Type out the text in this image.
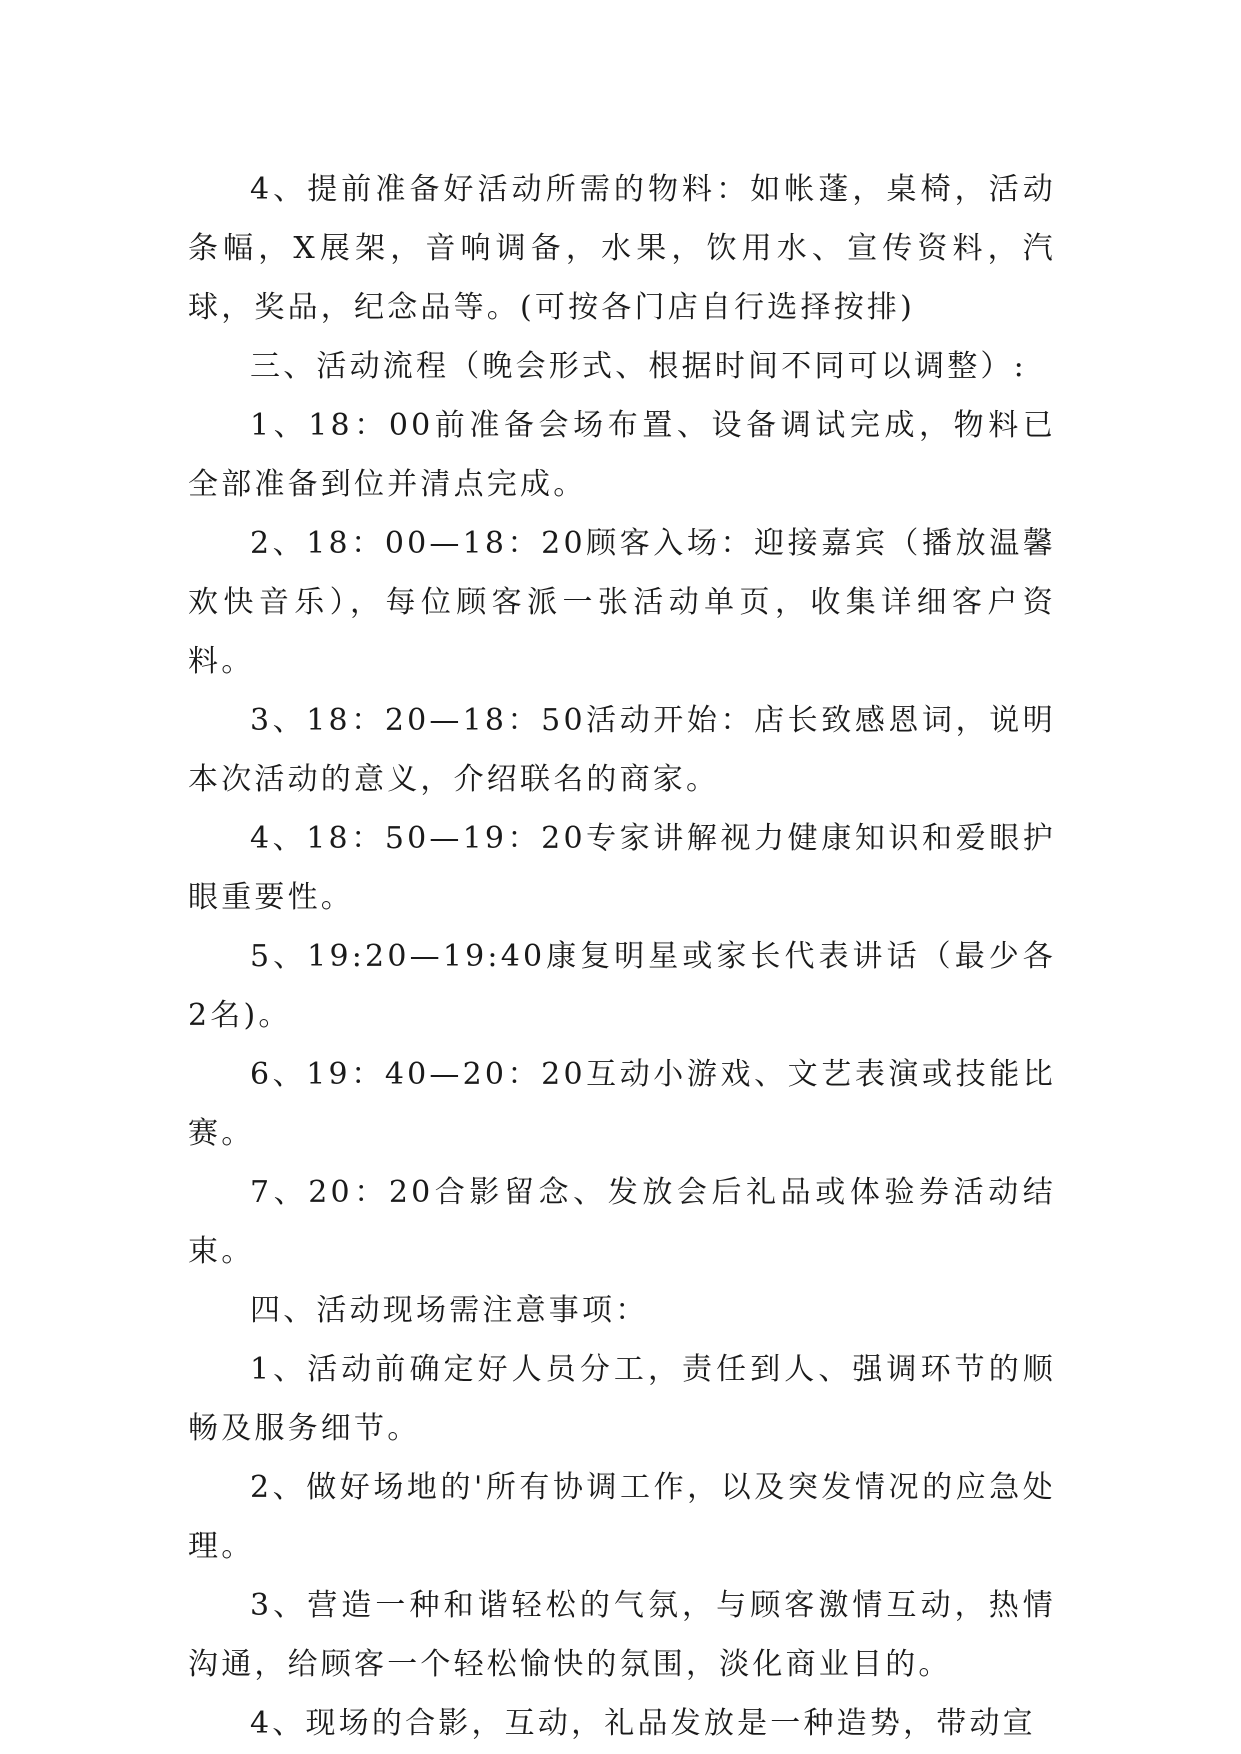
4、提前准备好活动所需的物料：如帐蓬，桌椅，活动条幅，X展架，音响调备，水果，饮用水、宣传资料，汽球，奖品，纪念品等。(可按各门店自行选择按排)

三、活动流程（晚会形式、根据时间不同可以调整）:

1、18：00前准备会场布置、设备调试完成，物料已全部准备到位并清点完成。

2、18：00—18：20顾客入场：迎接嘉宾（播放温馨欢快音乐），每位顾客派一张活动单页，收集详细客户资料。

3、18：20—18：50活动开始：店长致感恩词，说明本次活动的意义，介绍联名的商家。

4、18：50—19：20专家讲解视力健康知识和爱眼护眼重要性。

5、19:20—19:40康复明星或家长代表讲话（最少各2名)。

6、19：40—20：20互动小游戏、文艺表演或技能比赛。

7、20：20合影留念、发放会后礼品或体验券活动结束。

四、活动现场需注意事项：

1、活动前确定好人员分工，责任到人、强调环节的顺畅及服务细节。

2、做好场地的'所有协调工作，以及突发情况的应急处理。

3、营造一种和谐轻松的气氛，与顾客激情互动，热情沟通，给顾客一个轻松愉快的氛围，淡化商业目的。

4、现场的合影，互动，礼品发放是一种造势，带动宣
